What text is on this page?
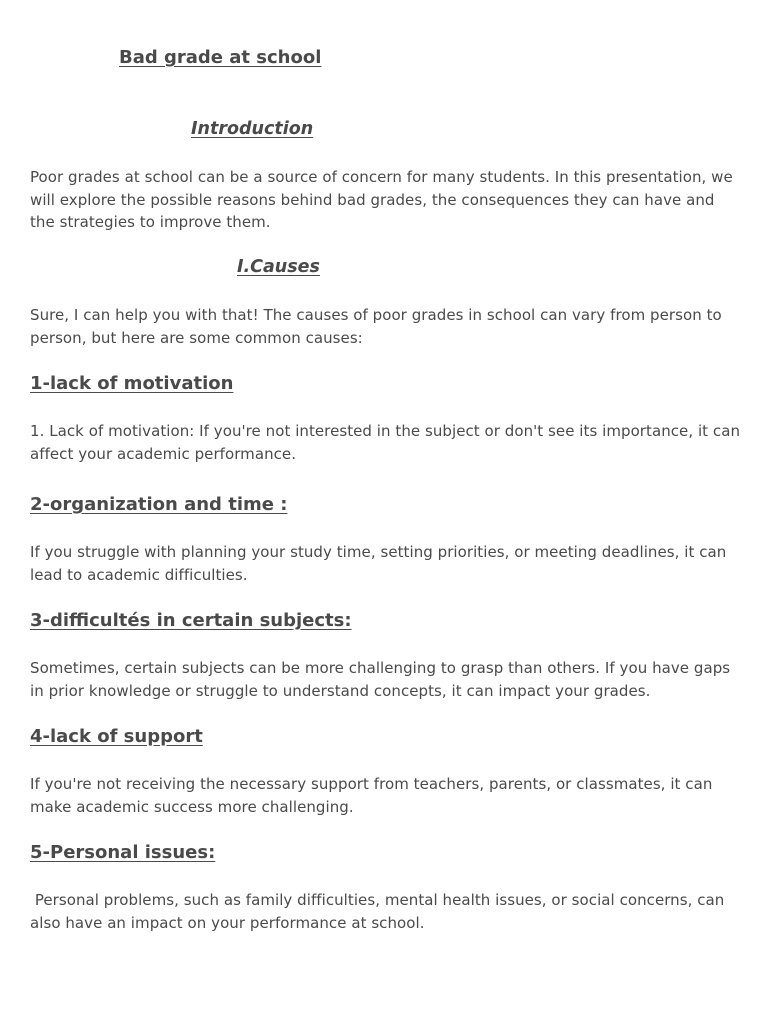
Bad grade at school
Introduction

Poor grades at school can be a source of concern for many students. In this presentation, we will explore the possible reasons behind bad grades, the consequences they can have and the strategies to improve them.

I.Causes

Sure, I can help you with that! The causes of poor grades in school can vary from person to person, but here are some common causes:

1-lack of motivation

1. Lack of motivation: If you're not interested in the subject or don't see its importance, it can affect your academic performance.

2-organization and time :

If you struggle with planning your study time, setting priorities, or meeting deadlines, it can lead to academic difficulties.

3-difficultés in certain subjects:

Sometimes, certain subjects can be more challenging to grasp than others. If you have gaps in prior knowledge or struggle to understand concepts, it can impact your grades.

4-lack of support

If you're not receiving the necessary support from teachers, parents, or classmates, it can make academic success more challenging.

5-Personal issues:

Personal problems, such as family difficulties, mental health issues, or social concerns, can also have an impact on your performance at school.
